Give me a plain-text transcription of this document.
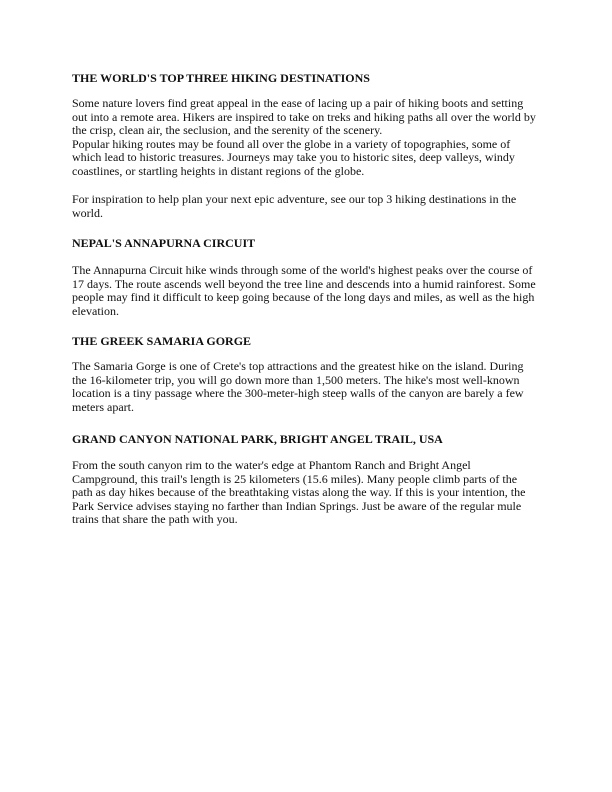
THE WORLD'S TOP THREE HIKING DESTINATIONS
Some nature lovers find great appeal in the ease of lacing up a pair of hiking boots and setting
out into a remote area. Hikers are inspired to take on treks and hiking paths all over the world by
the crisp, clean air, the seclusion, and the serenity of the scenery.
Popular hiking routes may be found all over the globe in a variety of topographies, some of
which lead to historic treasures. Journeys may take you to historic sites, deep valleys, windy
coastlines, or startling heights in distant regions of the globe.
For inspiration to help plan your next epic adventure, see our top 3 hiking destinations in the
world.
NEPAL'S ANNAPURNA CIRCUIT
The Annapurna Circuit hike winds through some of the world's highest peaks over the course of
17 days. The route ascends well beyond the tree line and descends into a humid rainforest. Some
people may find it difficult to keep going because of the long days and miles, as well as the high
elevation.
THE GREEK SAMARIA GORGE
The Samaria Gorge is one of Crete's top attractions and the greatest hike on the island. During
the 16-kilometer trip, you will go down more than 1,500 meters. The hike's most well-known
location is a tiny passage where the 300-meter-high steep walls of the canyon are barely a few
meters apart.
GRAND CANYON NATIONAL PARK, BRIGHT ANGEL TRAIL, USA
From the south canyon rim to the water's edge at Phantom Ranch and Bright Angel
Campground, this trail's length is 25 kilometers (15.6 miles). Many people climb parts of the
path as day hikes because of the breathtaking vistas along the way. If this is your intention, the
Park Service advises staying no farther than Indian Springs. Just be aware of the regular mule
trains that share the path with you.
